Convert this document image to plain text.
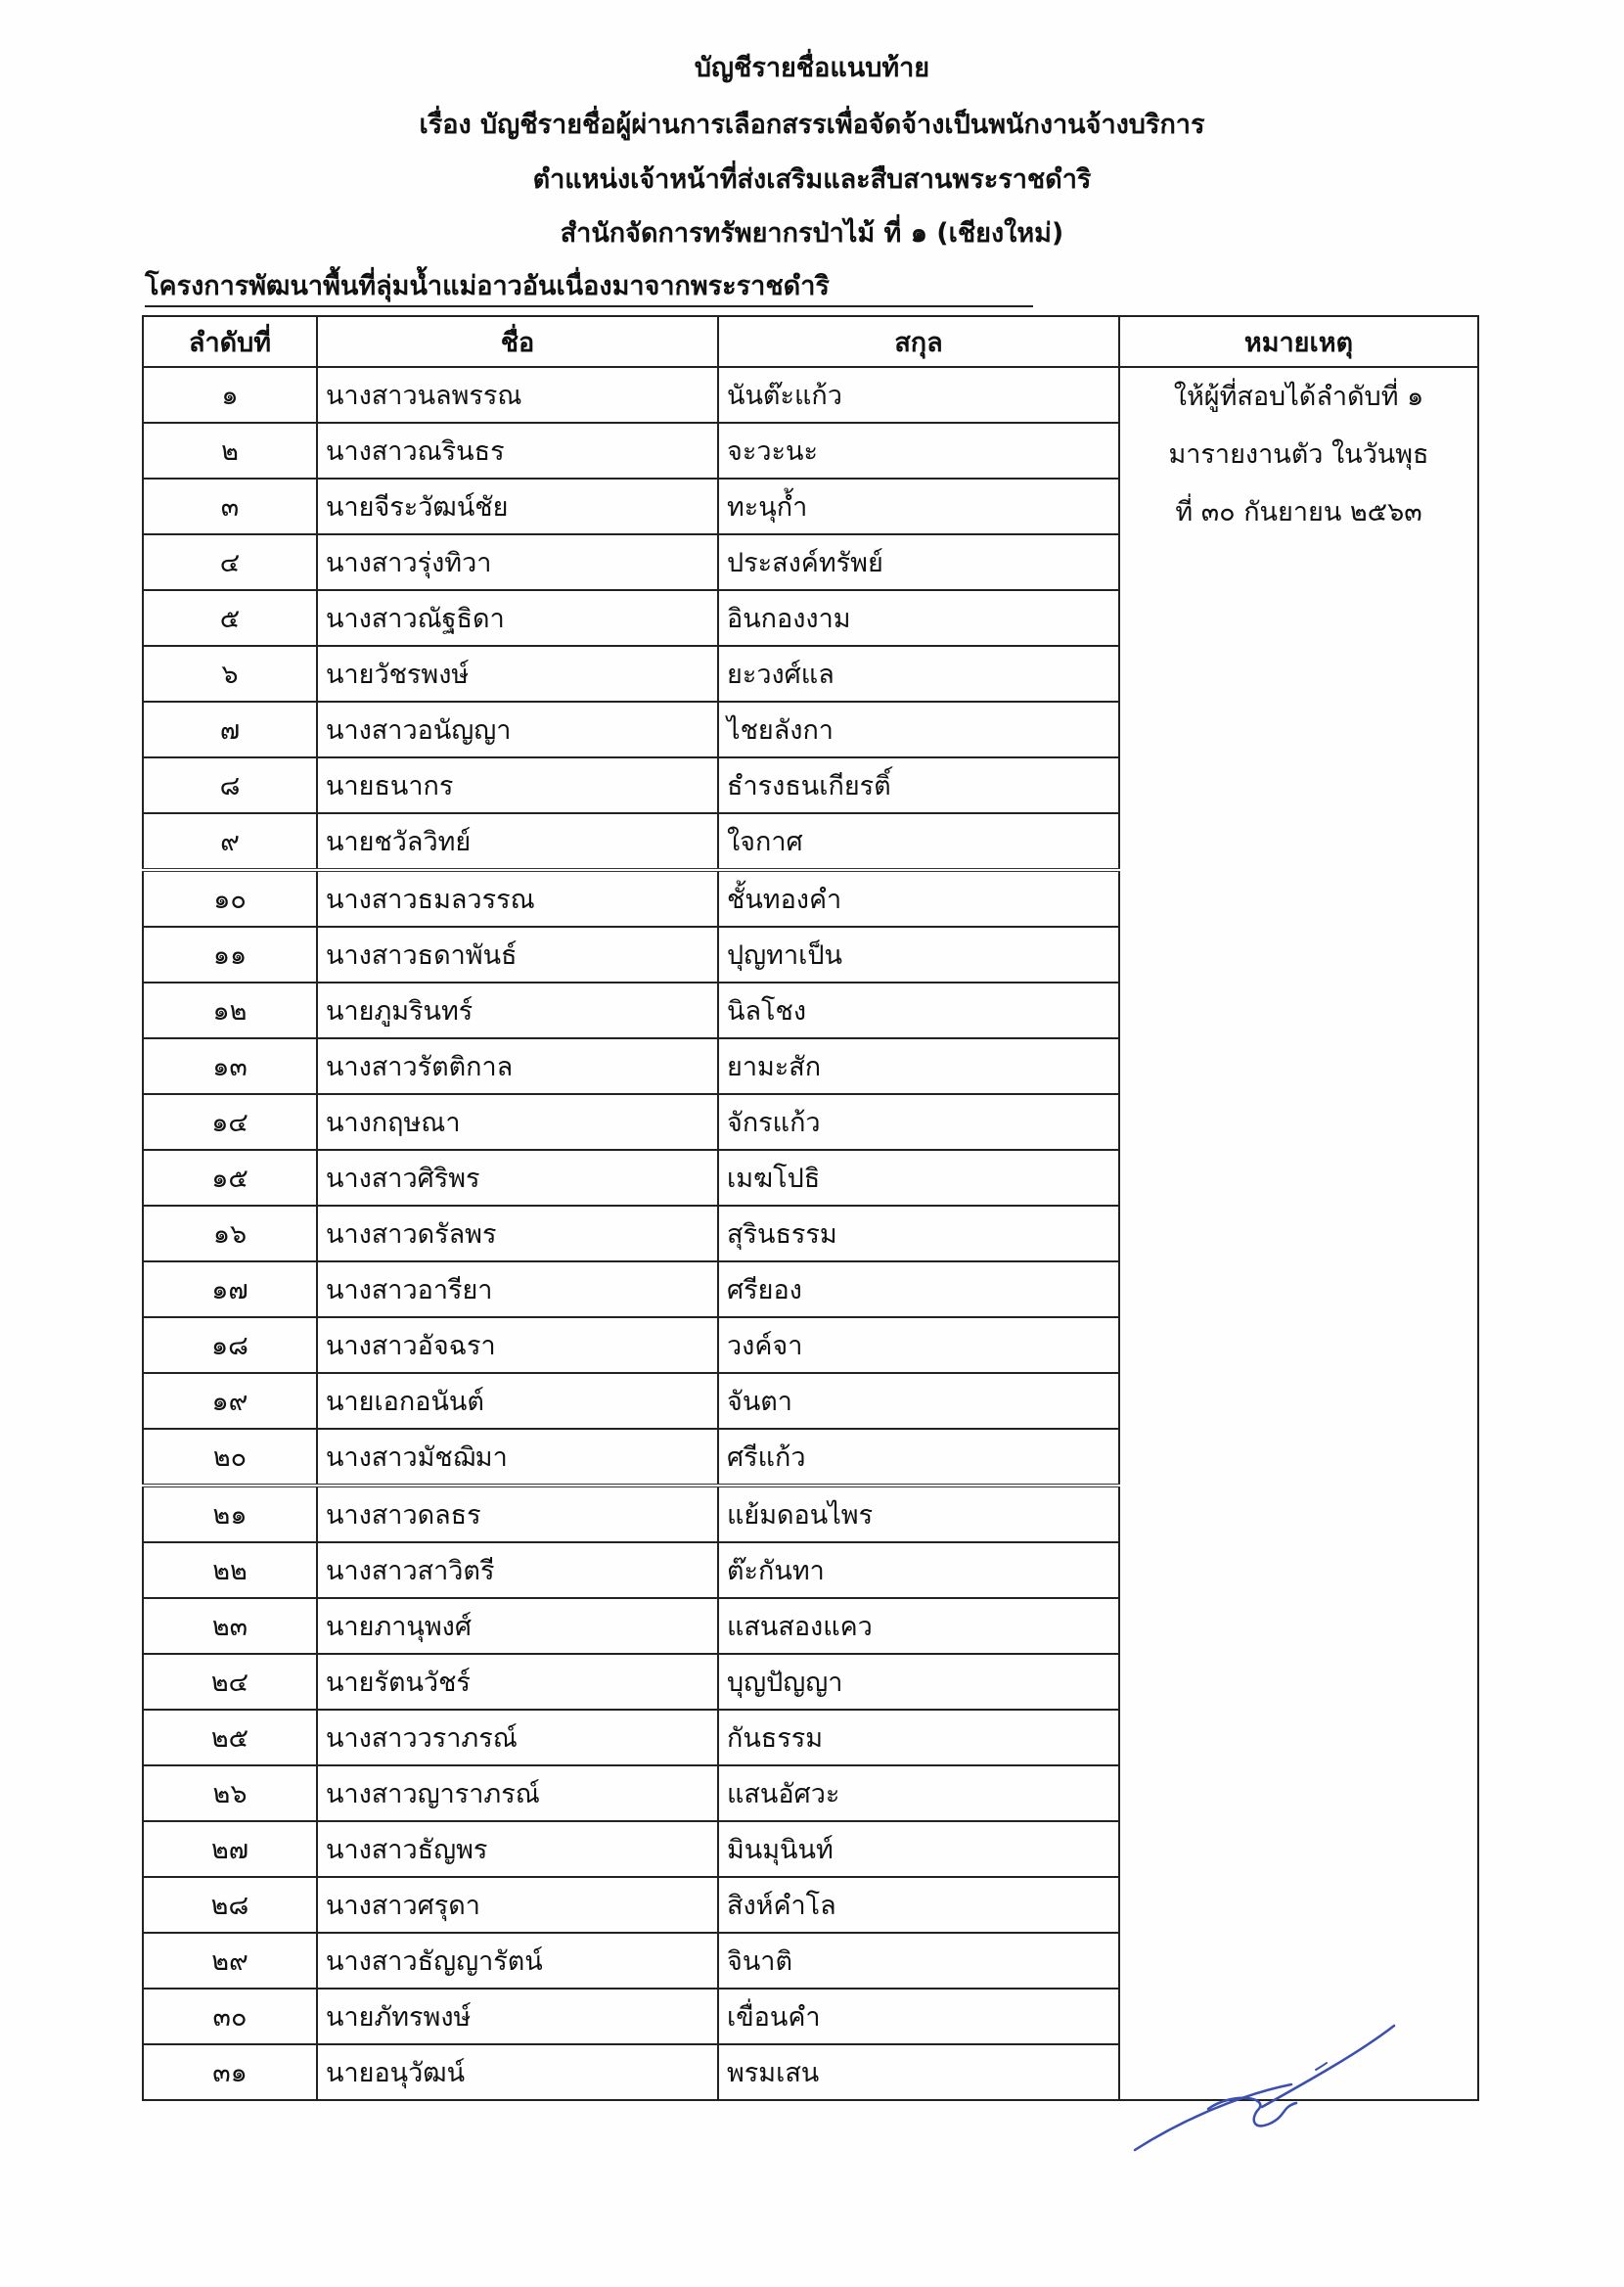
บัญชีรายชื่อแนบท้าย
เรื่อง บัญชีรายชื่อผู้ผ่านการเลือกสรรเพื่อจัดจ้างเป็นพนักงานจ้างบริการ
ตำแหน่งเจ้าหน้าที่ส่งเสริมและสืบสานพระราชดำริ
สำนักจัดการทรัพยากรป่าไม้ ที่ ๑ (เชียงใหม่)
โครงการพัฒนาพื้นที่ลุ่มน้ำแม่อาวอันเนื่องมาจากพระราชดำริ
ลำดับที่	ชื่อ	สกุล	หมายเหตุ
๑	นางสาวนลพรรณ	นันต๊ะแก้ว	ให้ผู้ที่สอบได้ลำดับที่ ๑
มารายงานตัว ในวันพุธ
ที่ ๓๐ กันยายน ๒๕๖๓

๒	นางสาวณรินธร	จะวะนะ	
๓	นายจีระวัฒน์ชัย	ทะนุก้ำ	
๔	นางสาวรุ่งทิวา	ประสงค์ทรัพย์	
๕	นางสาวณัฐธิดา	อินกองงาม	
๖	นายวัชรพงษ์	ยะวงศ์แล	
๗	นางสาวอนัญญา	ไชยลังกา	
๘	นายธนากร	ธำรงธนเกียรติ์	
๙	นายชวัลวิทย์	ใจกาศ	
๑๐	นางสาวธมลวรรณ	ชั้นทองคำ	
๑๑	นางสาวธดาพันธ์	ปุญทาเป็น	
๑๒	นายภูมรินทร์	นิลโชง	
๑๓	นางสาวรัตติกาล	ยามะสัก	
๑๔	นางกฤษณา	จักรแก้ว	
๑๕	นางสาวศิริพร	เมฆโปธิ	
๑๖	นางสาวดรัลพร	สุรินธรรม	
๑๗	นางสาวอารียา	ศรียอง	
๑๘	นางสาวอัจฉรา	วงค์จา	
๑๙	นายเอกอนันต์	จันตา	
๒๐	นางสาวมัชฌิมา	ศรีแก้ว	
๒๑	นางสาวดลธร	แย้มดอนไพร	
๒๒	นางสาวสาวิตรี	ต๊ะกันทา	
๒๓	นายภานุพงศ์	แสนสองแคว	
๒๔	นายรัตนวัชร์	บุญปัญญา	
๒๕	นางสาววราภรณ์	กันธรรม	
๒๖	นางสาวญาราภรณ์	แสนอัศวะ	
๒๗	นางสาวธัญพร	มินมุนินท์	
๒๘	นางสาวศรุดา	สิงห์คำโล	
๒๙	นางสาวธัญญารัตน์	จินาติ	
๓๐	นายภัทรพงษ์	เขื่อนคำ	
๓๑	นายอนุวัฒน์	พรมเสน	
